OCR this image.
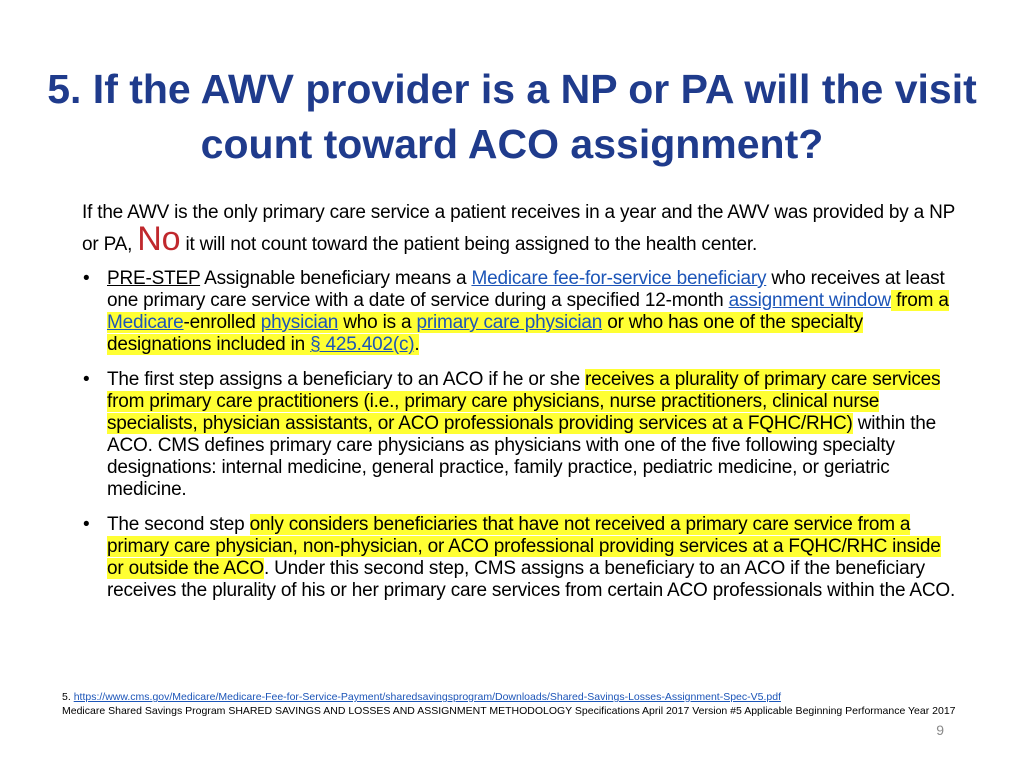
5. If the AWV provider is a NP or PA will the visit count toward ACO assignment?

If the AWV is the only primary care service a patient receives in a year and the AWV was provided by a NP or PA, No it will not count toward the patient being assigned to the health center.

• PRE-STEP Assignable beneficiary means a Medicare fee-for-service beneficiary who receives at least one primary care service with a date of service during a specified 12-month assignment window from a Medicare-enrolled physician who is a primary care physician or who has one of the specialty designations included in § 425.402(c).
• The first step assigns a beneficiary to an ACO if he or she receives a plurality of primary care services from primary care practitioners (i.e., primary care physicians, nurse practitioners, clinical nurse specialists, physician assistants, or ACO professionals providing services at a FQHC/RHC) within the ACO. CMS defines primary care physicians as physicians with one of the five following specialty designations: internal medicine, general practice, family practice, pediatric medicine, or geriatric medicine.
• The second step only considers beneficiaries that have not received a primary care service from a primary care physician, non-physician, or ACO professional providing services at a FQHC/RHC inside or outside the ACO. Under this second step, CMS assigns a beneficiary to an ACO if the beneficiary receives the plurality of his or her primary care services from certain ACO professionals within the ACO.
5. https://www.cms.gov/Medicare/Medicare-Fee-for-Service-Payment/sharedsavingsprogram/Downloads/Shared-Savings-Losses-Assignment-Spec-V5.pdf
Medicare Shared Savings Program SHARED SAVINGS AND LOSSES AND ASSIGNMENT METHODOLOGY Specifications April 2017 Version #5 Applicable Beginning Performance Year 2017
9
